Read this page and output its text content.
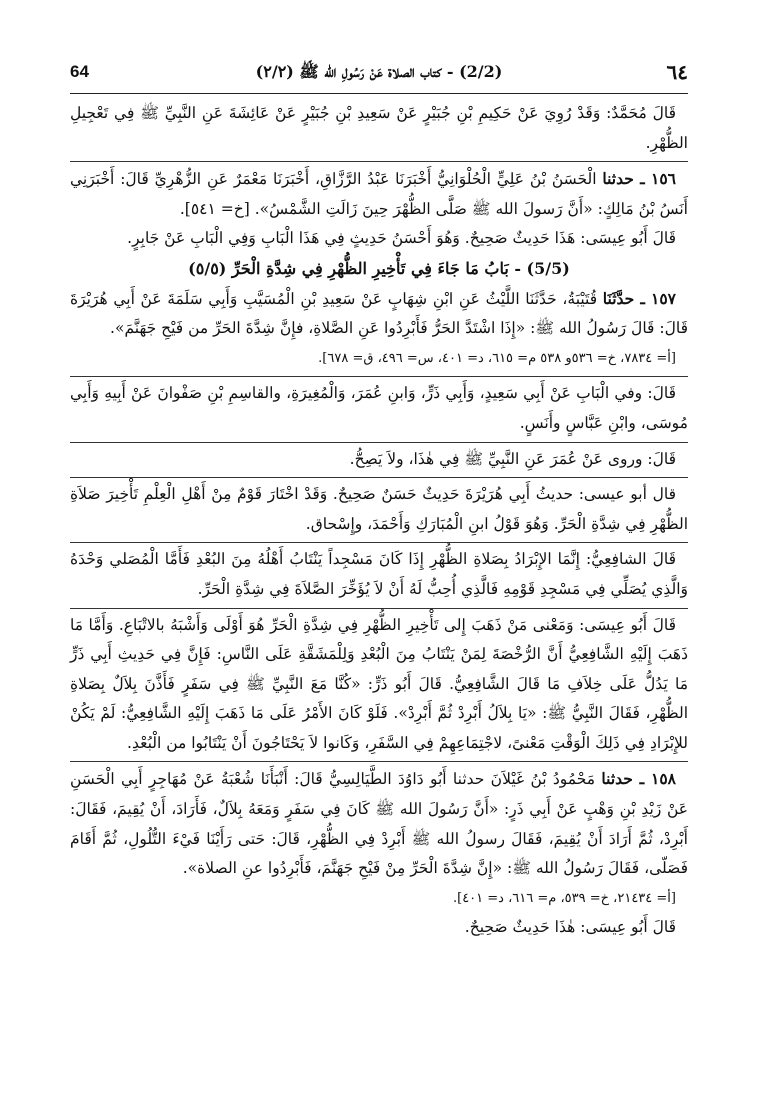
٦٤
(2/2) - كتاب الصلاة عَنْ رَسُولِ الله ﷺ (٢/٢)
64

قَالَ مُحَمَّدٌ: وَقَدْ رُوِيَ عَنْ حَكِيمِ بْنِ جُبَيْرٍ عَنْ سَعِيدِ بْنِ جُبَيْرٍ عَنْ عَائِشَةَ عَنِ النَّبِيِّ ﷺ فِي تَعْجِيلِ الظُّهْرِ.

١٥٦ ـ حدثنا الْحَسَنُ بْنُ عَلِيٍّ الْحُلْوَانِيُّ أَخْبَرَنَا عَبْدُ الرَّزَّاقِ، أَخْبَرَنَا مَعْمَرٌ عَنِ الزُّهْرِيِّ قَالَ: أَخْبَرَنِي أَنَسُ بْنُ مَالِكٍ: «أَنَّ رَسولَ الله ﷺ صَلَّى الظُّهْرَ حِينَ زَالَتِ الشَّمْسُ». [خ= ٥٤١].

قَالَ أَبُو عِيسَى: هَذَا حَدِيثٌ صَحِيحٌ. وَهُوَ أَحْسَنُ حَدِيثٍ فِي هَذَا الْبَابِ وَفِي الْبَابِ عَنْ جَابِرٍ.

(5/5) - بَابُ مَا جَاءَ فِي تَأْخِيرِ الظُّهْرِ فِي شِدَّةِ الْحَرِّ (٥/٥)

١٥٧ ـ حدَّثَنَا قُتَيْبَةُ، حَدَّثَنَا اللَّيْثُ عَنِ ابْنِ شِهَابٍ عَنْ سَعِيدِ بْنِ الْمُسَيَّبِ وَأَبِي سَلَمَةَ عَنْ أَبِي هُرَيْرَةَ قَالَ: قَالَ رَسُولُ الله ﷺ: «إِذَا اشْتَدَّ الحَرُّ فَأَبْرِدُوا عَنِ الصَّلاةِ، فإِنَّ شِدَّةَ الحَرِّ من فَيْحِ جَهَنَّمَ».

[أ= ٧٨٣٤، خ= ٥٣٦و ٥٣٨ م= ٦١٥، د= ٤٠١، س= ٤٩٦، ق= ٦٧٨].

قَالَ: وفي الْبَابِ عَنْ أَبِي سَعِيدٍ، وَأَبِي ذَرٍّ، وَابنِ عُمَرَ، وَالْمُغِيرَةِ، والقاسِمِ بْنِ صَفْوانَ عَنْ أَبِيهِ وَأَبِي مُوسَى، وابْنِ عَبَّاسٍ وأَنَسٍ.

قَالَ: وروى عَنْ عُمَرَ عَنِ النَّبِيِّ ﷺ فِي هٰذَا، ولاَ يَصِحُّ.

قال أبو عيسى: حديثُ أَبِي هُرَيْرَةَ حَدِيثٌ حَسَنٌ صَحِيحٌ. وَقَدْ اخْتَارَ قَوْمٌ مِنْ أَهْلِ الْعِلْمِ تَأْخِيرَ صَلاَةِ الظُّهْرِ فِي شِدَّةِ الْحَرِّ. وَهُوَ قَوْلُ ابنِ الْمُبَارَكِ وَأَحْمَدَ، وإِسْحاق.

قَالَ الشافِعِيُّ: إِنَّمَا الإِبْرَادُ بِصَلاةِ الظُّهْرِ إِذَا كَانَ مَسْجِداً يَنْتَابُ أَهْلُهُ مِنَ البُعْدِ فَأَمَّا الْمُصَلي وَحْدَهُ وَالَّذِي يُصَلِّي فِي مَسْجِدِ قَوْمِهِ فَالَّذِي أُحِبُّ لَهُ أَنْ لاَ يُؤَخِّرَ الصَّلاَةَ فِي شِدَّةِ الْحَرِّ.

قَالَ أَبُو عِيسَى: وَمَعْنى مَنْ ذَهَبَ إِلى تَأْخِيرِ الظُّهْرِ فِي شِدَّةِ الْحَرِّ هُوَ أَوْلَى وَأَشْبَهُ بالاتْبَاعِ. وَأَمَّا مَا ذَهَبَ إِلَيْهِ الشَّافِعِيُّ أَنَّ الرُّخْصَةَ لِمَنْ يَنْتَابُ مِنَ الْبُعْدِ وَلِلْمَشَقَّةِ عَلَى النَّاسِ: فَإِنَّ فِي حَدِيثِ أَبِي ذَرٍّ مَا يَدُلُّ عَلَى خِلاَفِ مَا قَالَ الشَّافِعِيُّ. قَالَ أَبُو ذَرٍّ: «كُنَّا مَعَ النَّبِيِّ ﷺ فِي سَفَرٍ فَأَذَّنَ بِلاَلٌ بِصَلاةِ الظُّهْرِ، فَقَالَ النَّبِيُّ ﷺ: «يَا بِلاَلُ أَبْرِدْ ثُمَّ أَبْرِدْ». فَلَوْ كَانَ الأَمْرُ عَلَى مَا ذَهَبَ إِلَيْهِ الشَّافِعِيُّ: لَمْ يَكُنْ للإِبْرَادِ فِي ذَلِكَ الْوَقْتِ مَعْنىً، لاجْتِمَاعِهِمْ فِي السَّفَرِ، وَكَانوا لاَ يَحْتَاجُونَ أَنْ يَنْتَابُوا من الْبُعْدِ.

١٥٨ ـ حدثنا مَحْمُودُ بْنُ غَيْلاَنَ حدثنا أَبُو دَاوُدَ الطَّيَالِسِيُّ قَالَ: أَنْبَأَنَا شُعْبَةُ عَنْ مُهَاجِرٍ أَبِي الْحَسَنِ عَنْ زَيْدِ بْنِ وَهْبٍ عَنْ أَبِي ذَرٍ: «أَنَّ رَسُولَ الله ﷺ كَانَ فِي سَفَرٍ وَمَعَهُ بِلاَلٌ، فَأَرَادَ، أَنْ يُقِيمَ، فَقَالَ: أَبْرِدْ، ثُمَّ أَرَادَ أَنْ يُقِيمَ، فَقَالَ رسولُ الله ﷺ أَبْرِدْ فِي الظُّهْرِ، قَالَ: حَتى رَأَيْنَا فَيْءَ التُّلُولِ، ثُمَّ أَقَامَ فَصَلّى، فَقَالَ رَسُولُ الله ﷺ: «إِنَّ شِدَّةَ الْحَرِّ مِنْ فَيْحِ جَهَنَّمَ، فَأَبْرِدُوا عنِ الصلاة».

[أ= ٢١٤٣٤، خ= ٥٣٩، م= ٦١٦، د= ٤٠١].

قَالَ أَبُو عِيسَى: هٰذَا حَدِيثٌ صَحِيحٌ.
